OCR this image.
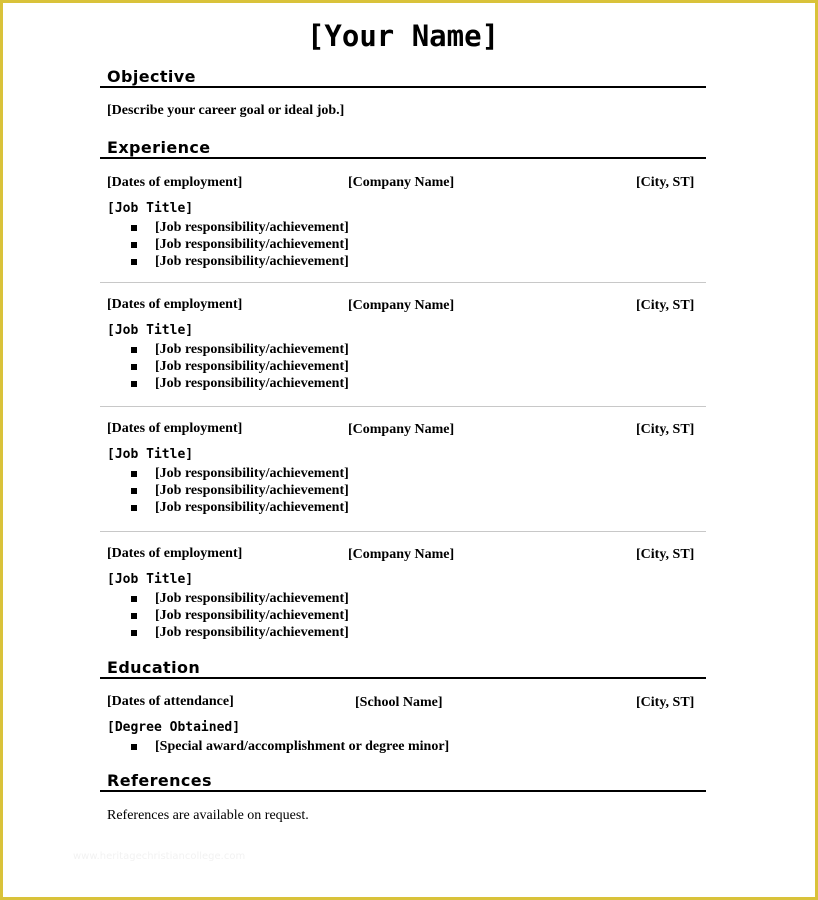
[Your Name]
Objective
[Describe your career goal or ideal job.]
Experience
[Dates of employment]	[Company Name]	[City, ST]
[Job Title]
[Job responsibility/achievement]
[Job responsibility/achievement]
[Job responsibility/achievement]
[Dates of employment]	[Company Name]	[City, ST]
[Job Title]
[Job responsibility/achievement]
[Job responsibility/achievement]
[Job responsibility/achievement]
[Dates of employment]	[Company Name]	[City, ST]
[Job Title]
[Job responsibility/achievement]
[Job responsibility/achievement]
[Job responsibility/achievement]
[Dates of employment]	[Company Name]	[City, ST]
[Job Title]
[Job responsibility/achievement]
[Job responsibility/achievement]
[Job responsibility/achievement]
Education
[Dates of attendance]	[School Name]	[City, ST]
[Degree Obtained]
[Special award/accomplishment or degree minor]
References
References are available on request.
www.heritagechristiancollege.com
